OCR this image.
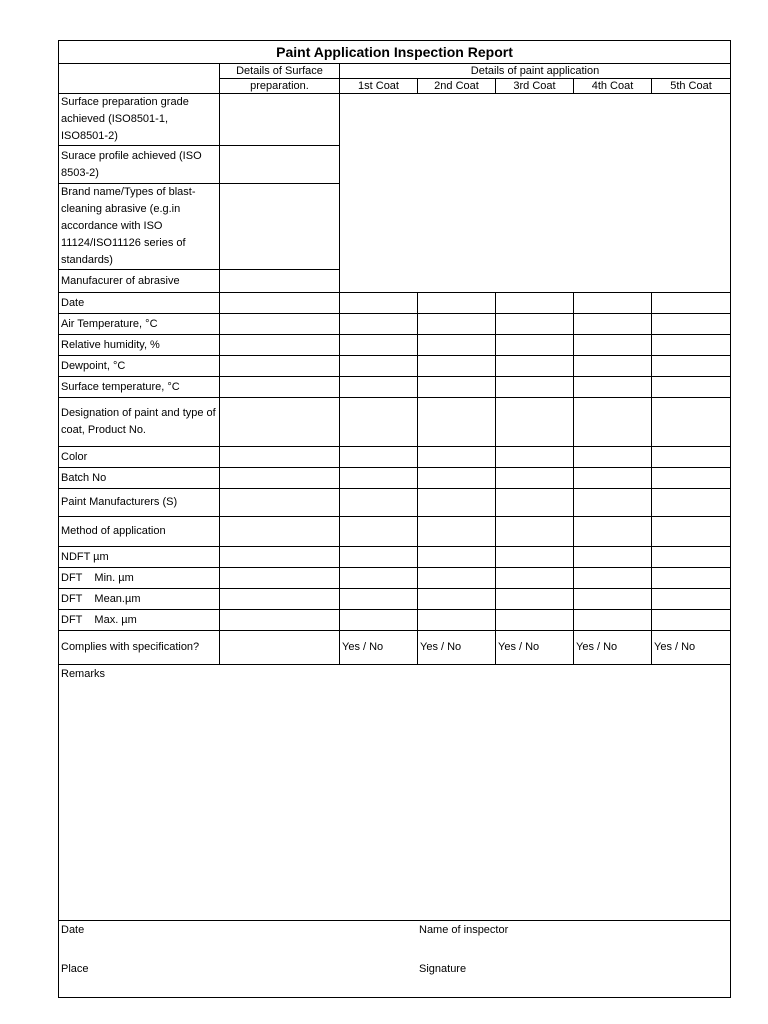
Paint Application Inspection Report						
	Details of Surface	Details of paint application				
	preparation.	1st Coat	2nd Coat	3rd Coat	4th Coat	5th Coat
Surface preparation grade achieved (ISO8501-1, ISO8501-2)						
Surace profile achieved (ISO 8503-2)						
Brand name/Types of blast-cleaning abrasive (e.g.in accordance with ISO 11124/ISO11126 series of standards)						
Manufacurer of abrasive						
Date						
Air Temperature, °C						
Relative humidity, %						
Dewpoint, °C						
Surface temperature, °C						
Designation of paint and type of coat, Product No.						
Color						
Batch No						
Paint Manufacturers (S)						
Method of application						
NDFT µm						
DFT    Min. µm						
DFT    Mean.µm						
DFT    Max. µm						
Complies with specification?		Yes / No	Yes / No	Yes / No	Yes / No	Yes / No
Remarks						

Date Name of inspector
Place Signature						
